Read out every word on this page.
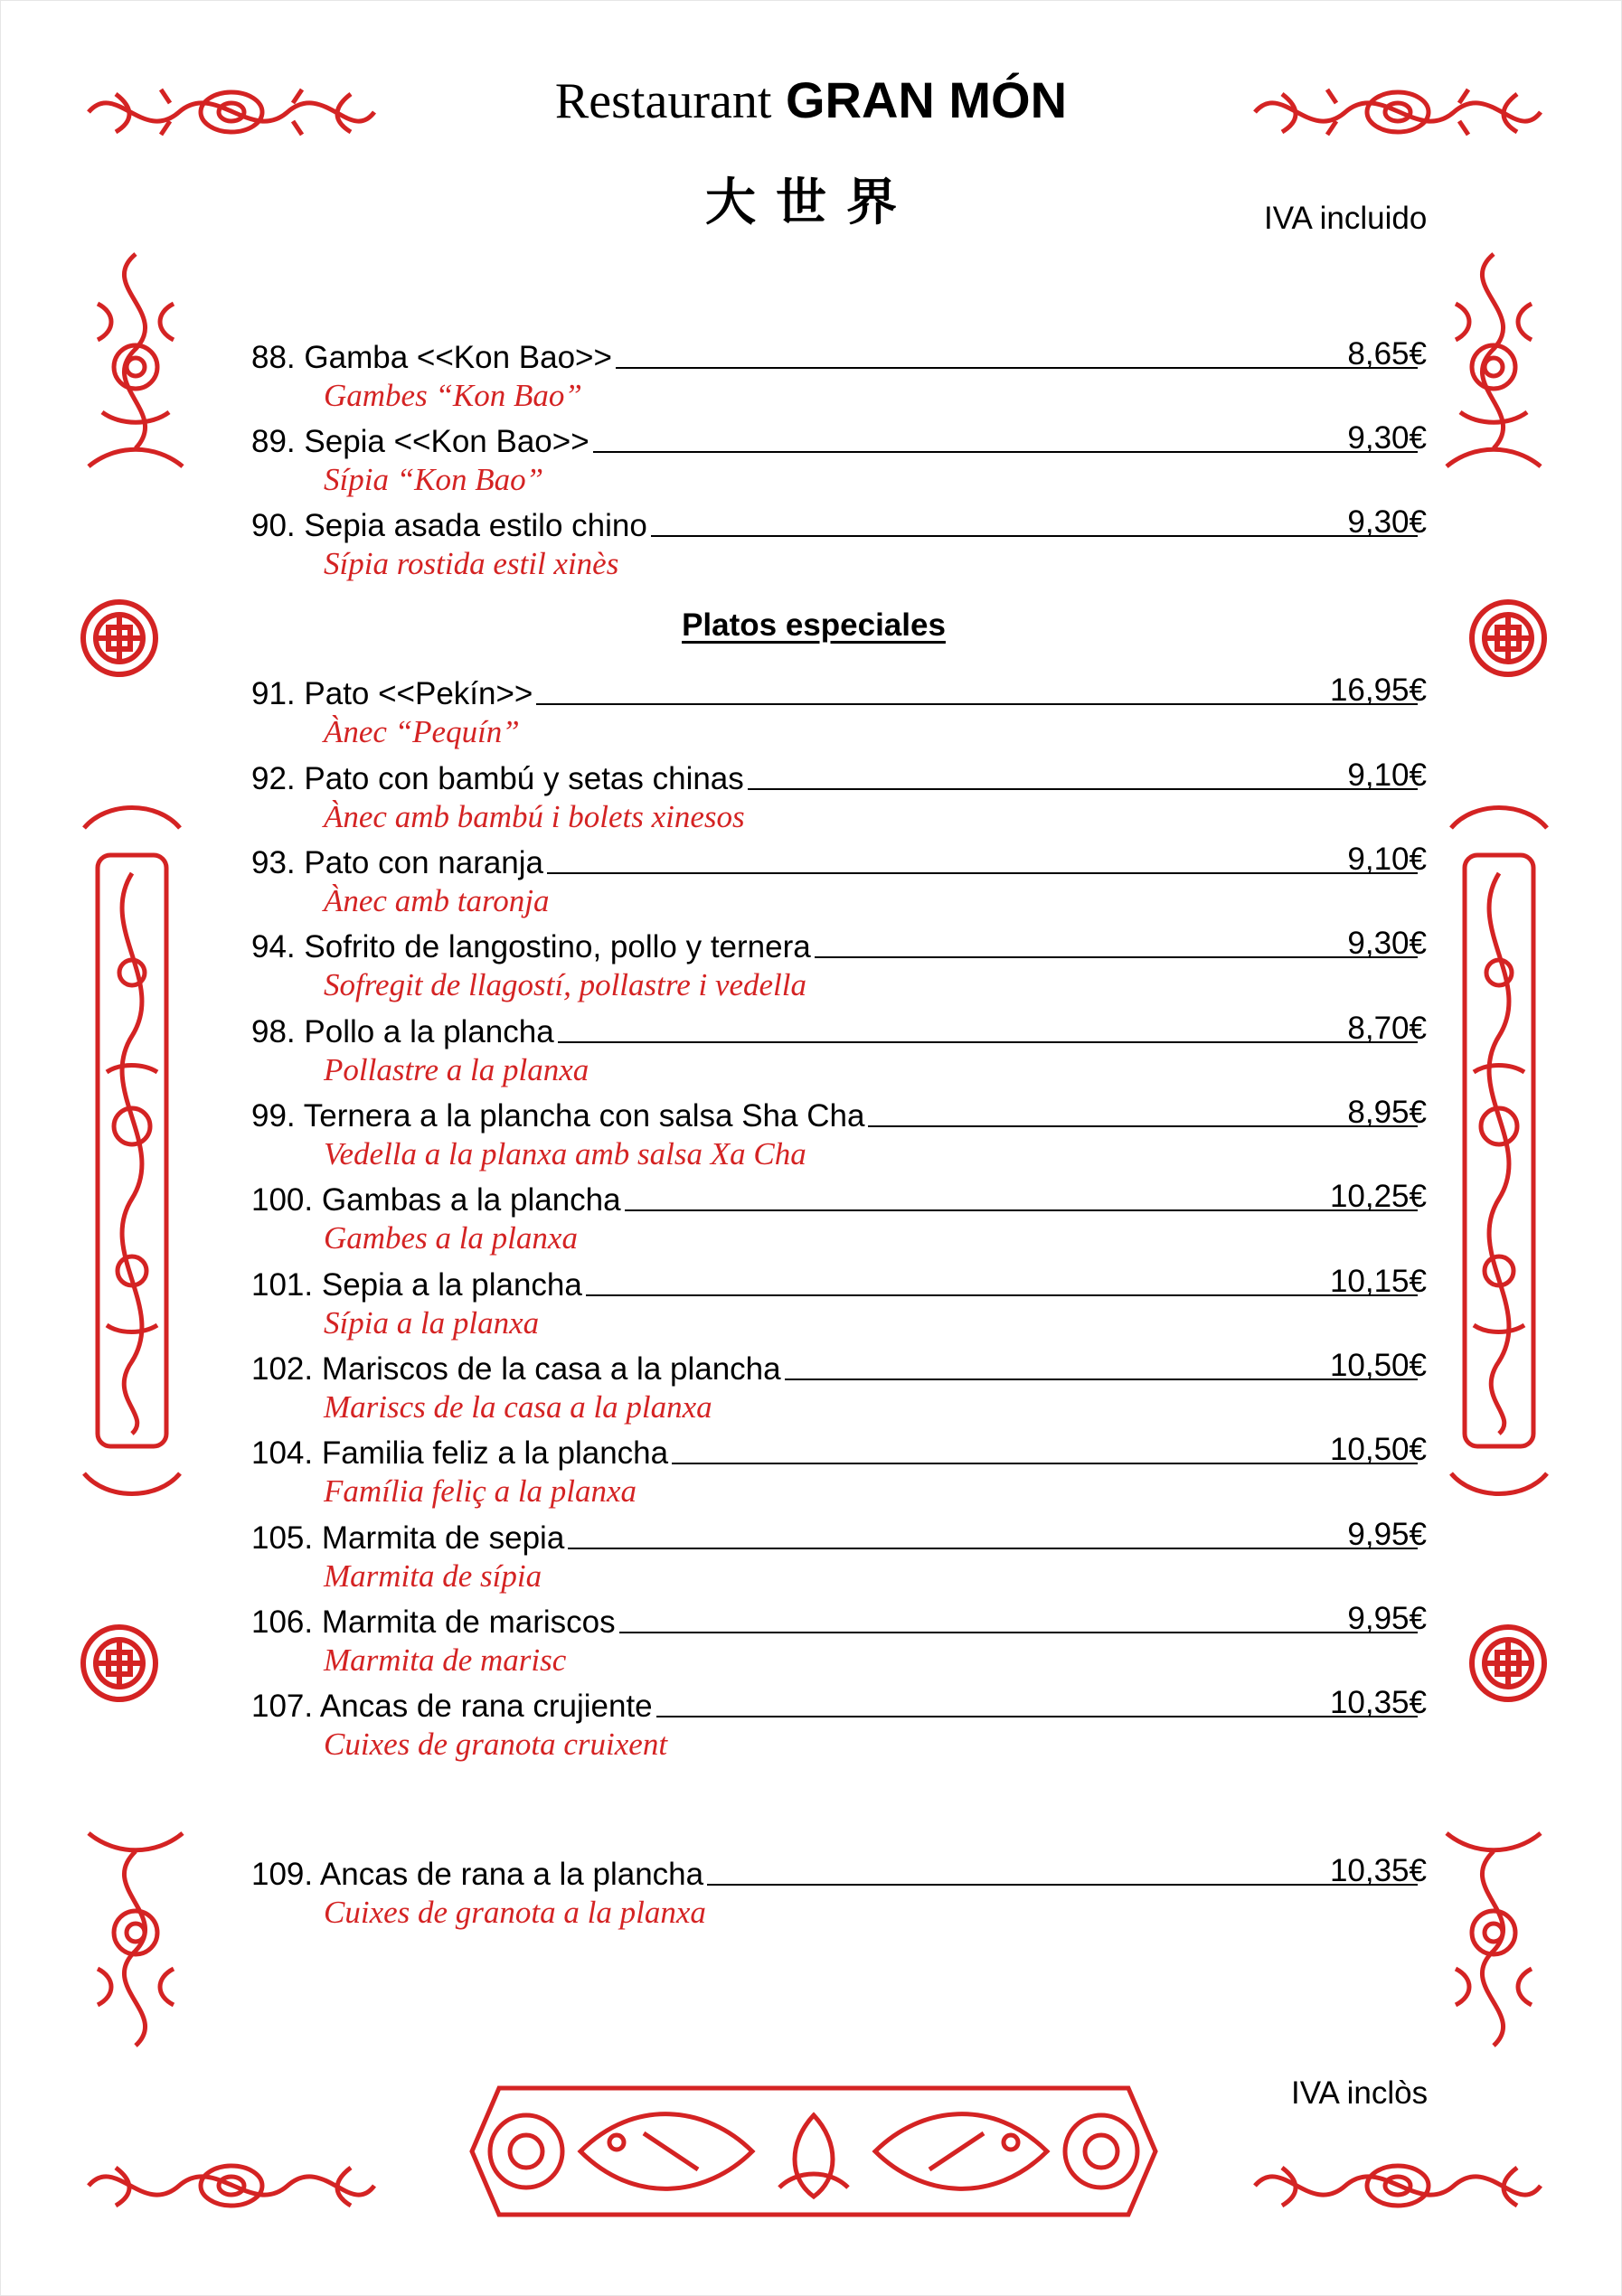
Restaurant GRAN MÓN
大世界	IVA incluido
88. Gamba <<Kon Bao>>	8,65€
Gambes “Kon Bao”
89. Sepia <<Kon Bao>>	9,30€
Sípia “Kon Bao”
90. Sepia asada estilo chino	9,30€
Sípia rostida estil xinès
Platos especiales
91. Pato <<Pekín>>	16,95€
Ànec “Pequín”
92. Pato con bambú y setas chinas	9,10€
Ànec amb bambú i bolets xinesos
93. Pato con naranja	9,10€
Ànec amb taronja
94. Sofrito de langostino, pollo y ternera	9,30€
Sofregit de llagostí, pollastre i vedella
98. Pollo a la plancha	8,70€
Pollastre a la planxa
99. Ternera a la plancha con salsa Sha Cha	8,95€
Vedella a la planxa amb salsa Xa Cha
100. Gambas a la plancha	10,25€
Gambes a la planxa
101. Sepia a la plancha	10,15€
Sípia a la planxa
102. Mariscos de la casa a la plancha	10,50€
Mariscs de la casa a la planxa
104. Familia feliz a la plancha	10,50€
Família feliç a la planxa
105. Marmita de sepia	9,95€
Marmita de sípia
106. Marmita de mariscos	9,95€
Marmita de marisc
107. Ancas de rana crujiente	10,35€
Cuixes de granota cruixent
109. Ancas de rana a la plancha	10,35€
Cuixes de granota a la planxa
IVA inclòs
